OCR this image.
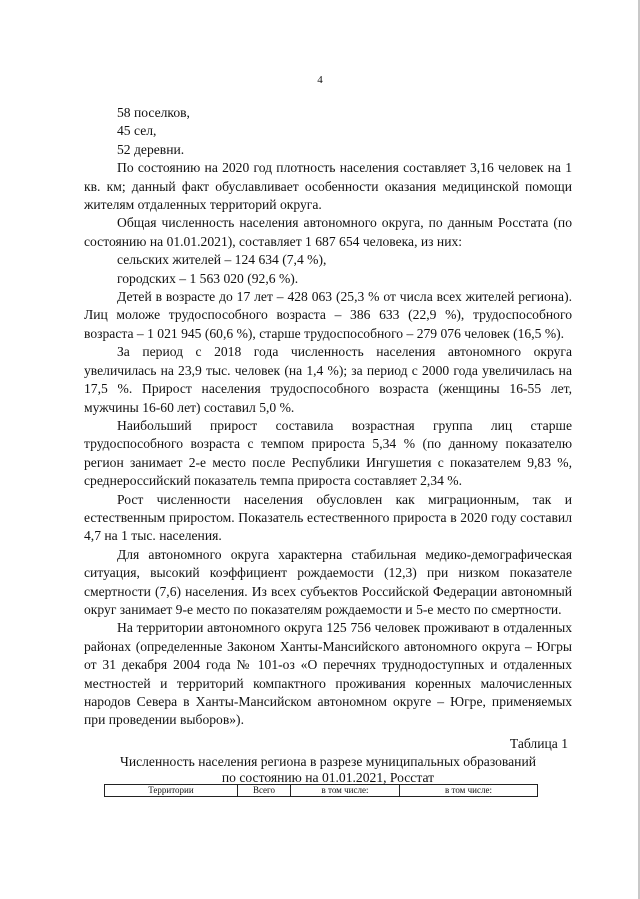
4

58 поселков,

45 сел,

52 деревни.

По состоянию на 2020 год плотность населения составляет 3,16 человек на 1 кв. км; данный факт обуславливает особенности оказания медицинской помощи жителям отдаленных территорий округа.

Общая численность населения автономного округа, по данным Росстата (по состоянию на 01.01.2021), составляет 1 687 654 человека, из них:

сельских жителей – 124 634 (7,4 %),

городских – 1 563 020 (92,6 %).

Детей в возрасте до 17 лет – 428 063 (25,3 % от числа всех жителей региона). Лиц моложе трудоспособного возраста – 386 633 (22,9 %), трудоспособного возраста – 1 021 945 (60,6 %), старше трудоспособного – 279 076 человек (16,5 %).

За период с 2018 года численность населения автономного округа увеличилась на 23,9 тыс. человек (на 1,4 %); за период с 2000 года увеличилась на 17,5 %. Прирост населения трудоспособного возраста (женщины 16-55 лет, мужчины 16-60 лет) составил 5,0 %.

Наибольший прирост составила возрастная группа лиц старше трудоспособного возраста с темпом прироста 5,34 % (по данному показателю регион занимает 2-е место после Республики Ингушетия с показателем 9,83 %, среднероссийский показатель темпа прироста составляет 2,34 %.

Рост численности населения обусловлен как миграционным, так и естественным приростом. Показатель естественного прироста в 2020 году составил 4,7 на 1 тыс. населения.

Для автономного округа характерна стабильная медико-демографическая ситуация, высокий коэффициент рождаемости (12,3) при низком показателе смертности (7,6) населения. Из всех субъектов Российской Федерации автономный округ занимает 9-е место по показателям рождаемости и 5-е место по смертности.

На территории автономного округа 125 756 человек проживают в отдаленных районах (определенные Законом Ханты-Мансийского автономного округа – Югры от 31 декабря 2004 года № 101-оз «О перечнях труднодоступных и отдаленных местностей и территорий компактного проживания коренных малочисленных народов Севера в Ханты-Мансийском автономном округе – Югре, применяемых при проведении выборов»).

Таблица 1
Численность населения региона в разрезе муниципальных образований
по состоянию на 01.01.2021, Росстат
Территории	Всего	в том числе:	в том числе:
